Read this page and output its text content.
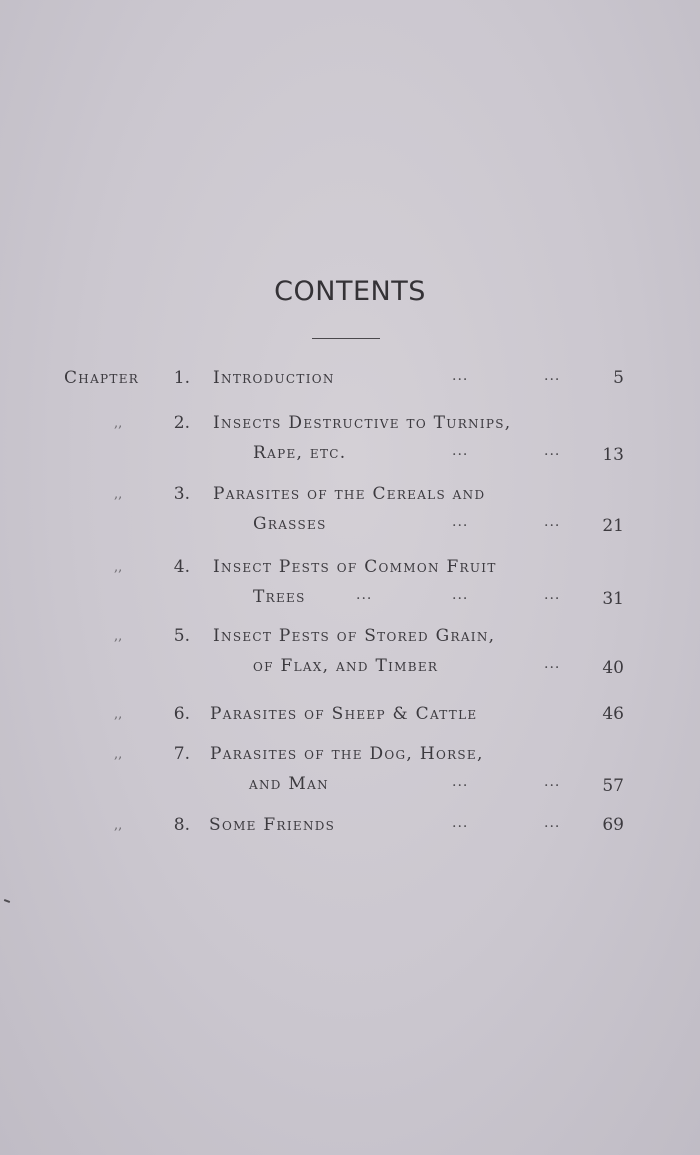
CONTENTS
Chapter	1. Introduction	...	...	5
,,	2. Insects Destructive to Turnips,
Rape, etc.	...	...	13
,,	3. Parasites of the Cereals and
Grasses	...	...	21
,,	4. Insect Pests of Common Fruit
Trees	...	...	...	31
,,	5. Insect Pests of Stored Grain,
of Flax, and Timber	...	40
,,	6. Parasites of Sheep & Cattle	46
,,	7. Parasites of the Dog, Horse,
and Man	...	...	57
,,	8. Some Friends	...	...	69
